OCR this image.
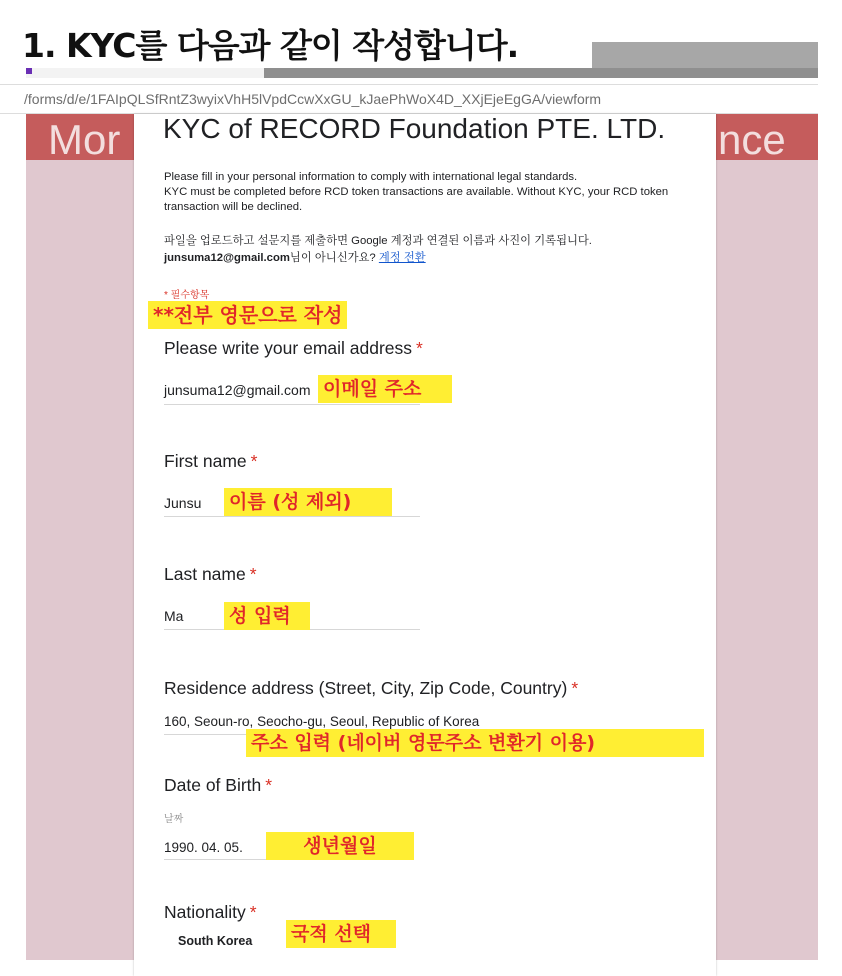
1. KYC를 다음과 같이 작성합니다.
/forms/d/e/1FAIpQLSfRntZ3wyixVhH5lVpdCcwXxGU_kJaePhWoX4D_XXjEjeEgGA/viewform
Mor	nce
KYC of RECORD Foundation PTE. LTD.
Please fill in your personal information to comply with international legal standards.
KYC must be completed before RCD token transactions are available. Without KYC, your RCD token
transaction will be declined.
파일을 업로드하고 설문지를 제출하면 Google 계정과 연결된 이름과 사진이 기록됩니다.
junsuma12@gmail.com님이 아니신가요? 계정 전환
* 필수항목
**전부 영문으로 작성
Please write your email address *
junsuma12@gmail.com 이메일 주소
First name *
Junsu 이름 (성 제외)
Last name *
Ma 성 입력
Residence address (Street, City, Zip Code, Country) *
160, Seoun-ro, Seocho-gu, Seoul, Republic of Korea
주소 입력 (네이버 영문주소 변환기 이용)
Date of Birth *
날짜
1990. 04. 05.	생년월일
Nationality *
South Korea 국적 선택
